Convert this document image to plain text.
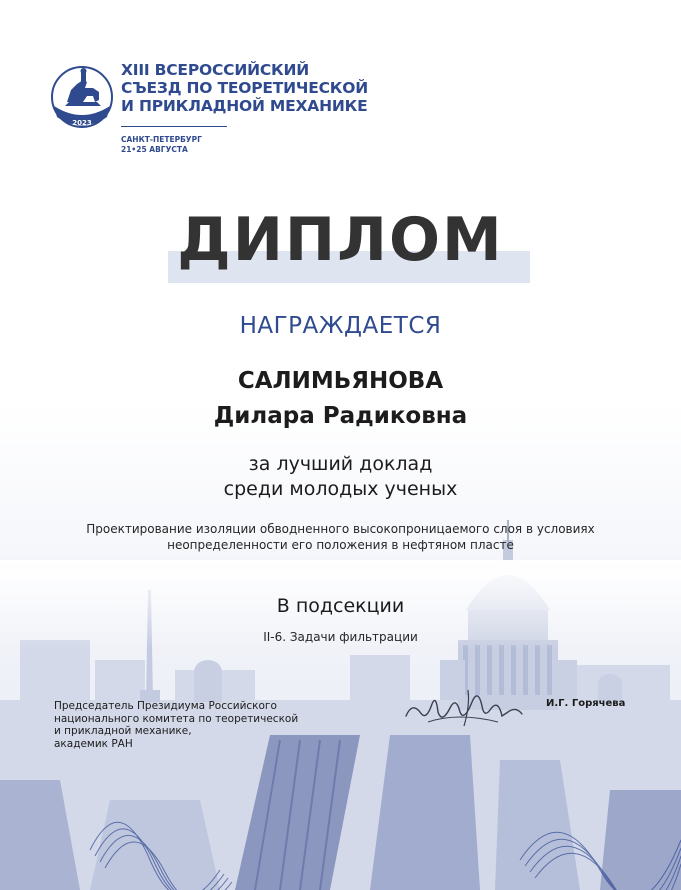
2023
XIII ВСЕРОССИЙСКИЙ
СЪЕЗД ПО ТЕОРЕТИЧЕСКОЙ
И ПРИКЛАДНОЙ МЕХАНИКЕ
САНКТ-ПЕТЕРБУРГ
21•25 АВГУСТА
ДИПЛОМ
НАГРАЖДАЕТСЯ
САЛИМЬЯНОВА
Дилара Радиковна
за лучший доклад
среди молодых ученых
Проектирование изоляции обводненного высокопроницаемого слоя в условиях
неопределенности его положения в нефтяном пласте
В подсекции
II-6. Задачи фильтрации
Председатель Президиума Российского
национального комитета по теоретической
и прикладной механике,
академик РАН
И.Г. Горячева
